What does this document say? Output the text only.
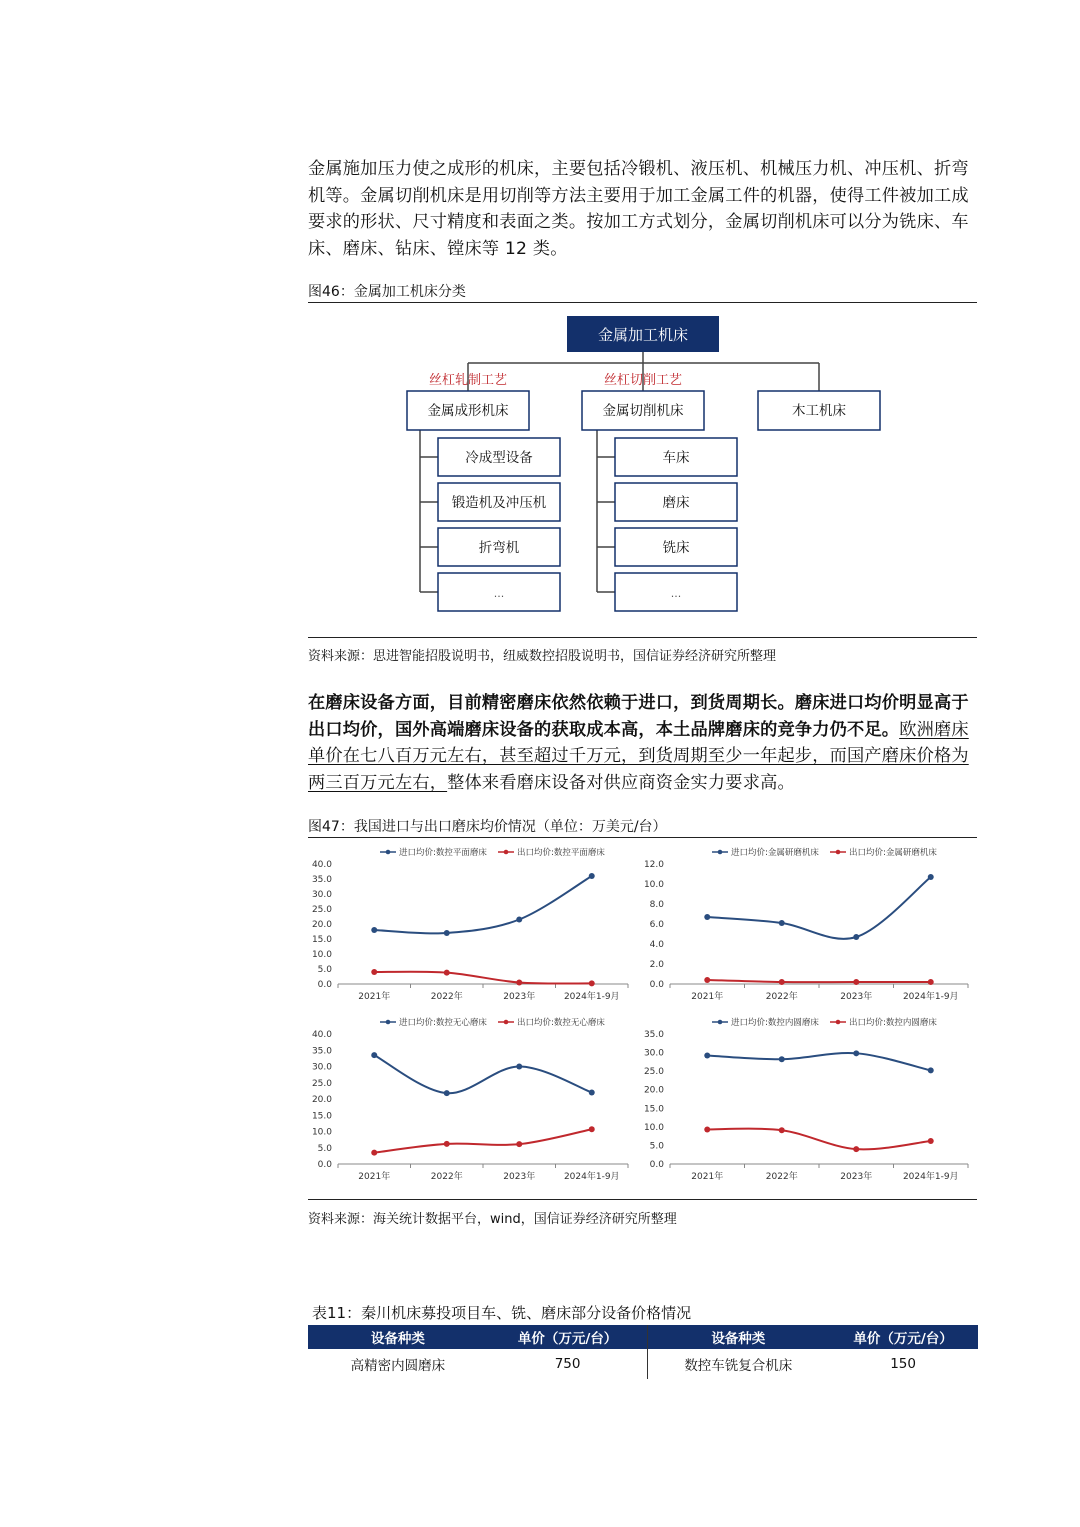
金属施加压力使之成形的机床，主要包括冷锻机、液压机、机械压力机、冲压机、折弯机等。金属切削机床是用切削等方法主要用于加工金属工件的机器，使得工件被加工成要求的形状、尺寸精度和表面之类。按加工方式划分，金属切削机床可以分为铣床、车床、磨床、钻床、镗床等 12 类。

图46：金属加工机床分类
金属加工机床
丝杠轧制工艺	丝杠切削工艺
金属成形机床	金属切削机床	木工机床
冷成型设备
锻造机及冲压机
折弯机
...
车床
磨床
铣床
...
资料来源：思进智能招股说明书，纽威数控招股说明书，国信证券经济研究所整理

在磨床设备方面，目前精密磨床依然依赖于进口，到货周期长。磨床进口均价明显高于出口均价，国外高端磨床设备的获取成本高，本土品牌磨床的竞争力仍不足。欧洲磨床单价在七八百万元左右，甚至超过千万元，到货周期至少一年起步，而国产磨床价格为两三百万元左右，整体来看磨床设备对供应商资金实力要求高。

图47：我国进口与出口磨床均价情况（单位：万美元/台）
进口均价:数控平面磨床	出口均价:数控平面磨床
0.0
5.0
10.0
15.0
20.0
25.0
30.0
35.0
40.0
2021年	2022年	2023年	2024年1-9月
进口均价:金属研磨机床	出口均价:金属研磨机床
0.0
2.0
4.0
6.0
8.0
10.0
12.0
2021年	2022年	2023年	2024年1-9月
进口均价:数控无心磨床	出口均价:数控无心磨床
0.0
5.0
10.0
15.0
20.0
25.0
30.0
35.0
40.0
2021年	2022年	2023年	2024年1-9月
进口均价:数控内圆磨床	出口均价:数控内圆磨床
0.0
5.0
10.0
15.0
20.0
25.0
30.0
35.0
2021年	2022年	2023年	2024年1-9月
资料来源：海关统计数据平台，wind，国信证券经济研究所整理
表11：秦川机床募投项目车、铣、磨床部分设备价格情况
设备种类	单价（万元/台）	设备种类	单价（万元/台）
高精密内圆磨床	750	数控车铣复合机床	150
